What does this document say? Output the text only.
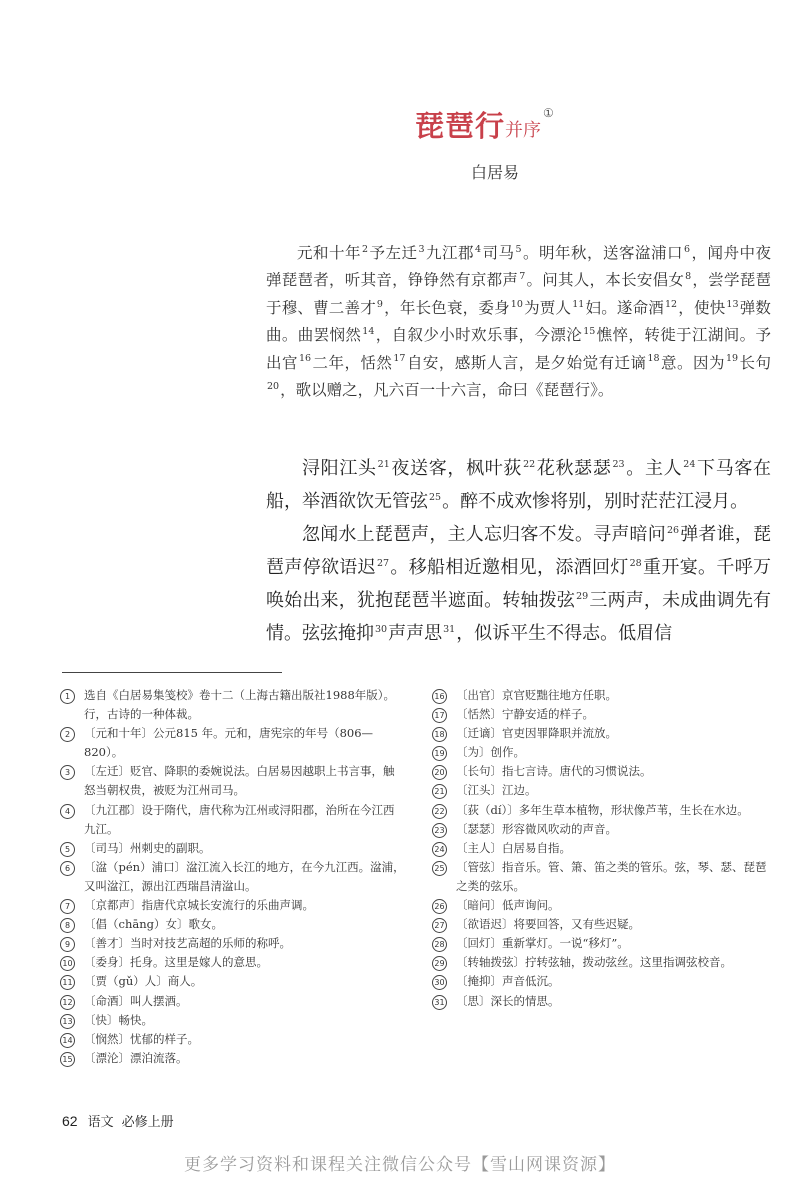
琵琶行并序①
白居易

元和十年$^2$予左迁$^3$九江郡$^4$司马$^5$。明年秋，送客湓浦口$^6$，闻舟中夜弹琵琶者，听其音，铮铮然有京都声$^7$。问其人，本长安倡女$^8$，尝学琵琶于穆、曹二善才$^9$，年长色衰，委身$^{10}$为贾人$^{11}$妇。遂命酒$^{12}$，使快$^{13}$弹数曲。曲罢悯然$^{14}$，自叙少小时欢乐事，今漂沦$^{15}$憔悴，转徙于江湖间。予出官$^{16}$二年，恬然$^{17}$自安，感斯人言，是夕始觉有迁谪$^{18}$意。因为$^{19}$长句$^{20}$，歌以赠之，凡六百一十六言，命曰《琵琶行》。

浔阳江头$^{21}$夜送客，枫叶荻$^{22}$花秋瑟瑟$^{23}$。主人$^{24}$下马客在船，举酒欲饮无管弦$^{25}$。醉不成欢惨将别，别时茫茫江浸月。

忽闻水上琵琶声，主人忘归客不发。寻声暗问$^{26}$弹者谁，琵琶声停欲语迟$^{27}$。移船相近邀相见，添酒回灯$^{28}$重开宴。千呼万唤始出来，犹抱琵琶半遮面。转轴拨弦$^{29}$三两声，未成曲调先有情。弦弦掩抑$^{30}$声声思$^{31}$，似诉平生不得志。低眉信

1	选自《白居易集笺校》卷十二（上海古籍出版社1988年版）。行，古诗的一种体裁。

2	〔元和十年〕公元815 年。元和，唐宪宗的年号（806—820）。

3	〔左迁〕贬官、降职的委婉说法。白居易因越职上书言事，触怒当朝权贵，被贬为江州司马。

4	〔九江郡〕设于隋代，唐代称为江州或浔阳郡，治所在今江西九江。

5	〔司马〕州刺史的副职。

6	〔湓（pén）浦口〕湓江流入长江的地方，在今九江西。湓浦，又叫湓江，源出江西瑞昌清湓山。

7	〔京都声〕指唐代京城长安流行的乐曲声调。

8	〔倡（chāng）女〕歌女。

9	〔善才〕当时对技艺高超的乐师的称呼。

10 〔委身〕托身。这里是嫁人的意思。

11 〔贾（gǔ）人〕商人。

12 〔命酒〕叫人摆酒。

13 〔快〕畅快。

14 〔悯然〕忧郁的样子。

15 〔漂沦〕漂泊流落。

16 〔出官〕京官贬黜往地方任职。

17 〔恬然〕宁静安适的样子。

18 〔迁谪〕官吏因罪降职并流放。

19 〔为〕创作。

20 〔长句〕指七言诗。唐代的习惯说法。

21 〔江头〕江边。

22 〔荻（dí）〕多年生草本植物，形状像芦苇，生长在水边。

23 〔瑟瑟〕形容微风吹动的声音。

24 〔主人〕白居易自指。

25 〔管弦〕指音乐。管、箫、笛之类的管乐。弦，琴、瑟、琵琶之类的弦乐。

26 〔暗问〕低声询问。

27 〔欲语迟〕将要回答，又有些迟疑。

28 〔回灯〕重新掌灯。一说“移灯”。

29 〔转轴拨弦〕拧转弦轴，拨动弦丝。这里指调弦校音。

30 〔掩抑〕声音低沉。

31 〔思〕深长的情思。

62 语文 必修上册
更多学习资料和课程关注微信公众号【雪山网课资源】
